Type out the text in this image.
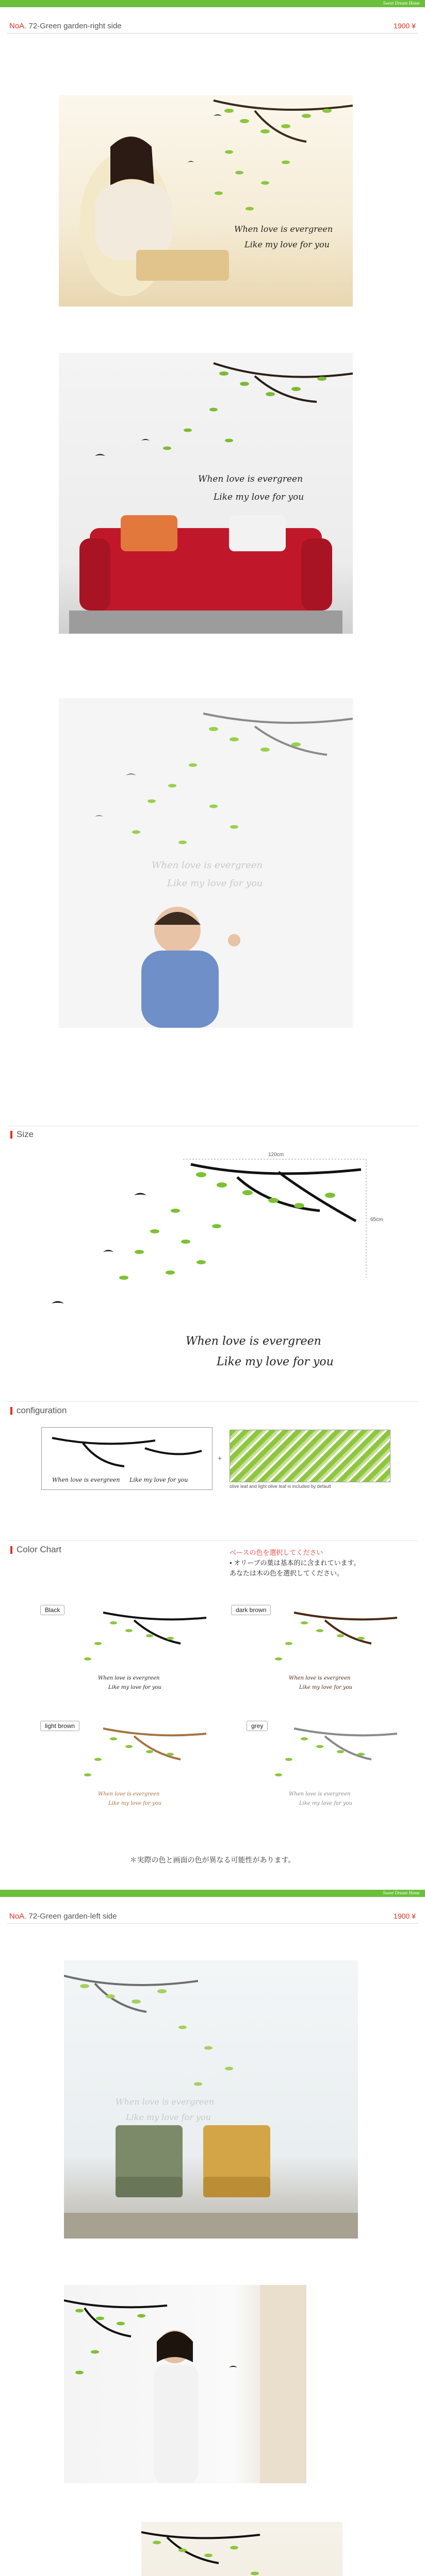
Sweet Dream Home
NoA. 72-Green garden-right side	1900 ¥
When love is evergreen
Like my love for you
When love is evergreen
Like my love for you
When love is evergreen
Like my love for you
Size
120cm
65cm
When love is evergreen
Like my love for you
configuration
When love is evergreen Like my love for you
+
olive leaf and light olive leaf is included by default
Color Chart	ベースの色を選択してください
• オリーブの葉は基本的に含まれています。
あなたは木の色を選択してください。
Black
When love is evergreen
Like my love for you
dark brown
When love is evergreen
Like my love for you
light brown
When love is evergreen
Like my love for you
grey
When love is evergreen
Like my love for you
＊実際の色と画面の色が異なる可能性があります。
Sweet Dream Home
NoA. 72-Green garden-left side	1900 ¥
When love is evergreen
Like my love for you
